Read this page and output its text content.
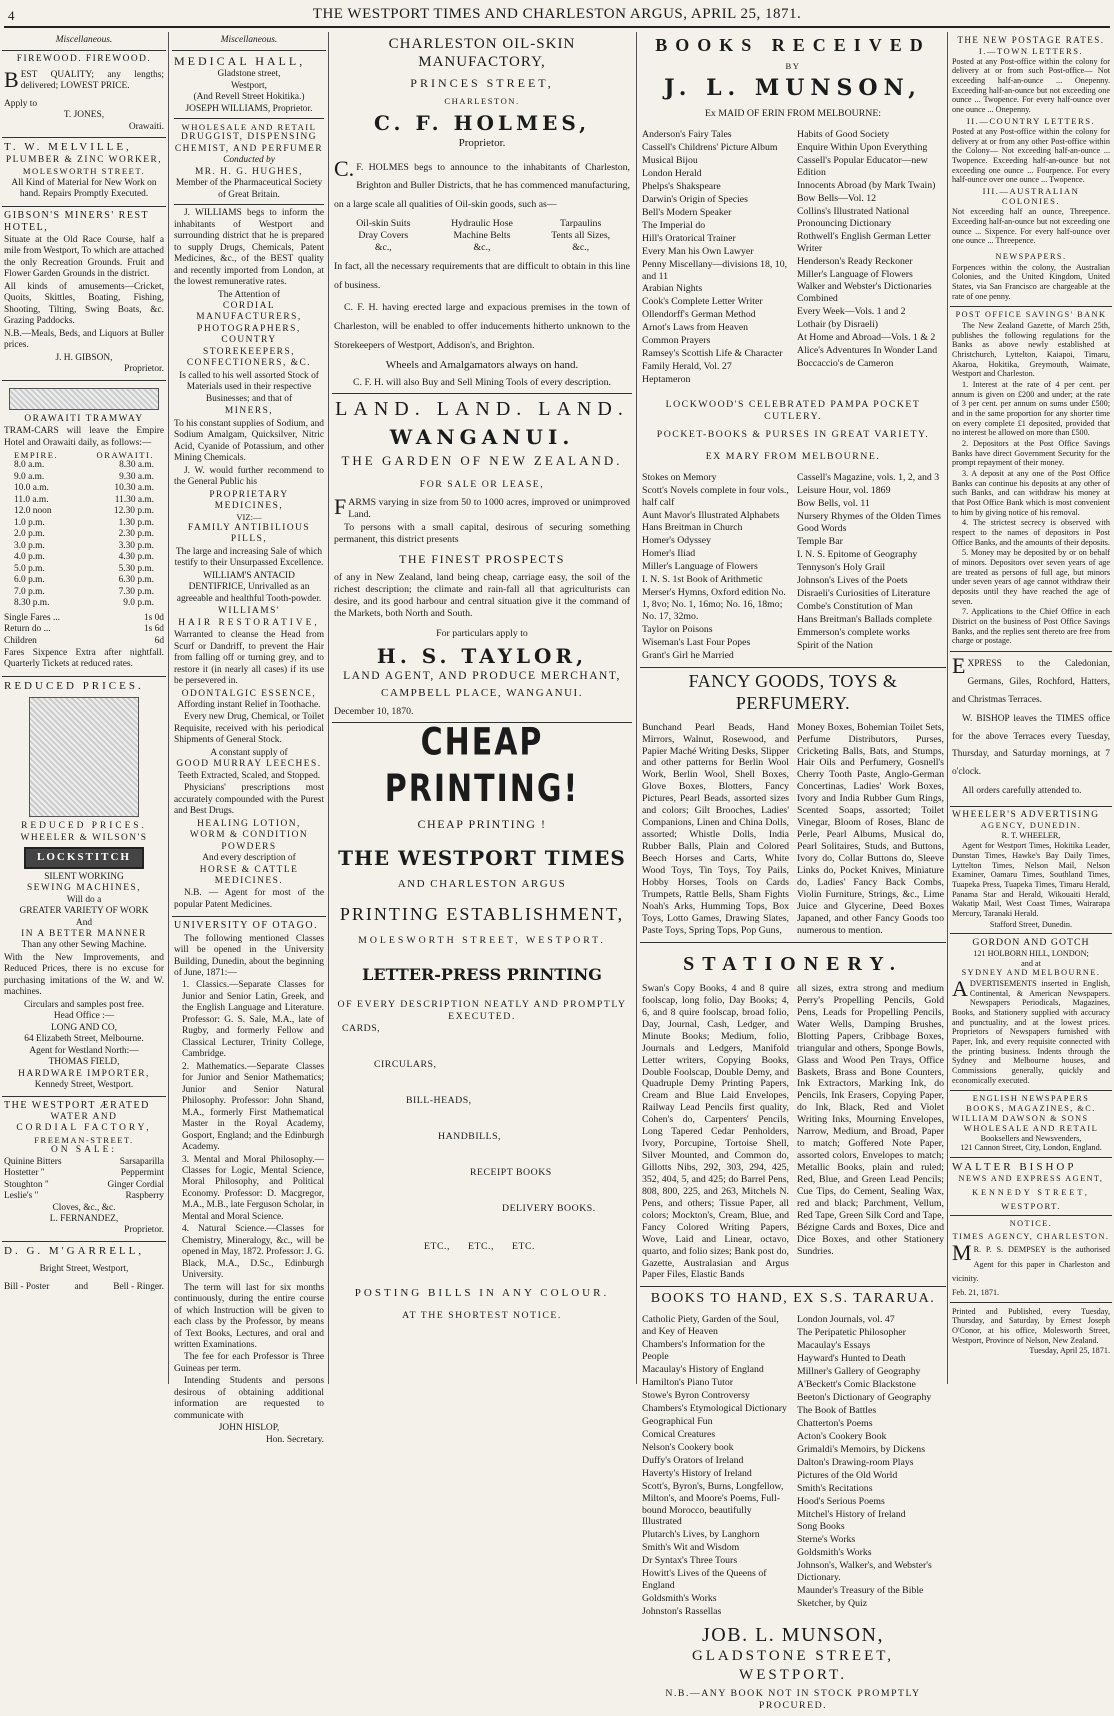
4	THE WESTPORT TIMES AND CHARLESTON ARGUS, APRIL 25, 1871.
Miscellaneous.
FIREWOOD. FIREWOOD.

BEST QUALITY; any lengths; delivered; LOWEST PRICE.

Apply to
T. JONES,
Orawaiti.
T. W. MELVILLE,
PLUMBER & ZINC WORKER,
MOLESWORTH STREET.

All Kind of Material for New Work on hand. Repairs Promptly Executed.

GIBSON'S MINERS' REST HOTEL,

Situate at the Old Race Course, half a mile from Westport, To which are attached the only Recreation Grounds. Fruit and Flower Garden Grounds in the district.

All kinds of amusements—Cricket, Quoits, Skittles, Boating, Fishing, Shooting, Tilting, Swing Boats, &c. Grazing Paddocks.

N.B.—Meals, Beds, and Liquors at Buller prices.

J. H. GIBSON,
Proprietor.
ORAWAITI TRAMWAY

TRAM-CARS will leave the Empire Hotel and Orawaiti daily, as follows:—

EMPIRE.	ORAWAITI.
8.0 a.m.	8.30 a.m.
9.0 a.m.	9.30 a.m.
10.0 a.m.	10.30 a.m.
11.0 a.m.	11.30 a.m.
12.0 noon	12.30 p.m.
1.0 p.m.	1.30 p.m.
2.0 p.m.	2.30 p.m.
3.0 p.m.	3.30 p.m.
4.0 p.m.	4.30 p.m.
5.0 p.m.	5.30 p.m.
6.0 p.m.	6.30 p.m.
7.0 p.m.	7.30 p.m.
8.30 p.m.	9.0 p.m.
Single Fares ...	1s 0d
Return do ...	1s 6d
Children	6d

Fares Sixpence Extra after nightfall. Quarterly Tickets at reduced rates.

REDUCED PRICES.
REDUCED PRICES.
WHEELER & WILSON'S
LOCKSTITCH
SILENT WORKING
SEWING MACHINES,
Will do a
GREATER VARIETY OF WORK
And
IN A BETTER MANNER
Than any other Sewing Machine.

With the New Improvements, and Reduced Prices, there is no excuse for purchasing imitations of the W. and W. machines.

Circulars and samples post free.
Head Office :—
LONG AND CO,
64 Elizabeth Street, Melbourne.
Agent for Westland North:—
THOMAS FIELD,
HARDWARE IMPORTER,
Kennedy Street, Westport.
THE WESTPORT ÆRATED
WATER AND
CORDIAL FACTORY,
FREEMAN-STREET.
ON SALE:
Quinine Bitters	Sarsaparilla
Hostetter "	Peppermint
Stoughton "	Ginger Cordial
Leslie's "	Raspberry
Cloves, &c., &c.
L. FERNANDEZ,
Proprietor.
D. G. M'GARRELL,
Bright Street, Westport,
Bill - Poster	and	Bell - Ringer.
Miscellaneous.
MEDICAL HALL,
Gladstone street,
Westport,
(And Revell Street Hokitika.)
JOSEPH WILLIAMS, Proprietor.
WHOLESALE AND RETAIL
DRUGGIST, DISPENSING CHEMIST, AND PERFUMER
Conducted by
MR. H. G. HUGHES,
Member of the Pharmaceutical Society of Great Britain.

J. WILLIAMS begs to inform the inhabitants of Westport and surrounding district that he is prepared to supply Drugs, Chemicals, Patent Medicines, &c., of the BEST quality and recently imported from London, at the lowest remunerative rates.

The Attention of
CORDIAL MANUFACTURERS, PHOTOGRAPHERS, COUNTRY STOREKEEPERS, CONFECTIONERS, &C.

Is called to his well assorted Stock of Materials used in their respective Businesses; and that of

MINERS,

To his constant supplies of Sodium, and Sodium Amalgam, Quicksilver, Nitric Acid, Cyanide of Potassium, and other Mining Chemicals.

J. W. would further recommend to the General Public his

PROPRIETARY MEDICINES,
VIZ:—
FAMILY ANTIBILIOUS PILLS,

The large and increasing Sale of which testify to their Unsurpassed Excellence.

WILLIAM'S ANTACID DENTIFRICE, Unrivalled as an agreeable and healthful Tooth-powder.

WILLIAMS'
HAIR RESTORATIVE,

Warranted to cleanse the Head from Scurf or Dandriff, to prevent the Hair from falling off or turning grey, and to restore it (in nearly all cases) if its use be persevered in.

ODONTALGIC ESSENCE,
Affording instant Relief in Toothache.

Every new Drug, Chemical, or Toilet Requisite, received with his periodical Shipments of General Stock.

A constant supply of
GOOD MURRAY LEECHES.
Teeth Extracted, Scaled, and Stopped.

Physicians' prescriptions most accurately compounded with the Purest and Best Drugs.

HEALING LOTION,
WORM & CONDITION POWDERS
And every description of
HORSE & CATTLE MEDICINES.

N.B. — Agent for most of the popular Patent Medicines.

UNIVERSITY OF OTAGO.

The following mentioned Classes will be opened in the University Building, Dunedin, about the beginning of June, 1871:—

1. Classics.—Separate Classes for Junior and Senior Latin, Greek, and the English Language and Literature. Professor: G. S. Sale, M.A., late of Rugby, and formerly Fellow and Classical Lecturer, Trinity College, Cambridge.

2. Mathematics.—Separate Classes for Junior and Senior Mathematics; Junior and Senior Natural Philosophy. Professor: John Shand, M.A., formerly First Mathematical Master in the Royal Academy, Gosport, England; and the Edinburgh Academy.

3. Mental and Moral Philosophy.—Classes for Logic, Mental Science, Moral Philosophy, and Political Economy. Professor: D. Macgregor, M.A., M.B., late Ferguson Scholar, in Mental and Moral Science.

4. Natural Science.—Classes for Chemistry, Mineralogy, &c., will be opened in May, 1872. Professor: J. G. Black, M.A., D.Sc., Edinburgh University.

The term will last for six months continuously, during the entire course of which Instruction will be given to each class by the Professor, by means of Text Books, Lectures, and oral and written Examinations.

The fee for each Professor is Three Guineas per term.

Intending Students and persons desirous of obtaining additional information are requested to communicate with

JOHN HISLOP,
Hon. Secretary.
CHARLESTON OIL-SKIN MANUFACTORY,
PRINCES STREET,
CHARLESTON.
C. F. HOLMES,
Proprietor.

C.F. HOLMES begs to announce to the inhabitants of Charleston, Brighton and Buller Districts, that he has commenced manufacturing, on a large scale all qualities of Oil-skin goods, such as—

Oil-skin Suits	Hydraulic Hose	Tarpaulins
Dray Covers	Machine Belts	Tents all Sizes,
&c.,	&c.,	&c.,

In fact, all the necessary requirements that are difficult to obtain in this line of business.

C. F. H. having erected large and expacious premises in the town of Charleston, will be enabled to offer inducements hitherto unknown to the Storekeepers of Westport, Addison's, and Brighton.

Wheels and Amalgamators always on hand.
C. F. H. will also Buy and Sell Mining Tools of every description.
LAND. LAND. LAND.
WANGANUI.
THE GARDEN OF NEW ZEALAND.
FOR SALE OR LEASE,

FARMS varying in size from 50 to 1000 acres, improved or unimproved Land.

To persons with a small capital, desirous of securing something permanent, this district presents

THE FINEST PROSPECTS

of any in New Zealand, land being cheap, carriage easy, the soil of the richest description; the climate and rain-fall all that agriculturists can desire, and its good harbour and central situation give it the command of the Markets, both North and South.

For particulars apply to
H. S. TAYLOR,
LAND AGENT, AND PRODUCE MERCHANT,
CAMPBELL PLACE, WANGANUI.
December 10, 1870.
CHEAP PRINTING!
CHEAP PRINTING !
THE WESTPORT TIMES
AND CHARLESTON ARGUS
PRINTING ESTABLISHMENT,
MOLESWORTH STREET, WESTPORT.
LETTER-PRESS PRINTING
OF EVERY DESCRIPTION NEATLY AND PROMPTLY EXECUTED.
CARDS,
CIRCULARS,
BILL-HEADS,
HANDBILLS,
RECEIPT BOOKS
DELIVERY BOOKS.
ETC., ETC., ETC.
POSTING BILLS IN ANY COLOUR.
AT THE SHORTEST NOTICE.
BOOKS RECEIVED
BY
J. L. MUNSON,
Ex MAID OF ERIN FROM MELBOURNE:
Anderson's Fairy Tales
Cassell's Childrens' Picture Album
Musical Bijou
London Herald
Phelps's Shakspeare
Darwin's Origin of Species
Bell's Modern Speaker
The Imperial do
Hill's Oratorical Trainer
Every Man his Own Lawyer
Penny Miscellany—divisions 18, 10, and 11
Arabian Nights
Cook's Complete Letter Writer
Ollendorff's German Method
Arnot's Laws from Heaven
Common Prayers
Ramsey's Scottish Life & Character
Family Herald, Vol. 27
Heptameron
Habits of Good Society
Enquire Within Upon Everything
Cassell's Popular Educator—new Edition
Innocents Abroad (by Mark Twain)
Bow Bells—Vol. 12
Collins's Illustrated National Pronouncing Dictionary
Rothwell's English German Letter Writer
Henderson's Ready Reckoner
Miller's Language of Flowers
Walker and Webster's Dictionaries Combined
Every Week—Vols. 1 and 2
Lothair (by Disraeli)
At Home and Abroad—Vols. 1 & 2
Alice's Adventures In Wonder Land
Boccaccio's de Cameron
LOCKWOOD'S CELEBRATED PAMPA POCKET CUTLERY.
POCKET-BOOKS & PURSES IN GREAT VARIETY.
EX MARY FROM MELBOURNE.
Stokes on Memory
Scott's Novels complete in four vols., half calf
Aunt Mavor's Illustrated Alphabets
Hans Breitman in Church
Homer's Odyssey
Homer's Iliad
Miller's Language of Flowers
I. N. S. 1st Book of Arithmetic
Merser's Hymns, Oxford edition No. 1, 8vo; No. 1, 16mo; No. 16, 18mo; No. 17, 32mo.
Taylor on Poisons
Wiseman's Last Four Popes
Grant's Girl he Married
Cassell's Magazine, vols. 1, 2, and 3
Leisure Hour, vol. 1869
Bow Bells, vol. 11
Nursery Rhymes of the Olden Times
Good Words
Temple Bar
I. N. S. Epitome of Geography
Tennyson's Holy Grail
Johnson's Lives of the Poets
Disraeli's Curiosities of Literature
Combe's Constitution of Man
Hans Breitman's Ballads complete
Emmerson's complete works
Spirit of the Nation
FANCY GOODS, TOYS & PERFUMERY.

Bunchand Pearl Beads, Hand Mirrors, Walnut, Rosewood, and Papier Maché Writing Desks, Slipper and other patterns for Berlin Wool Work, Berlin Wool, Shell Boxes, Glove Boxes, Blotters, Fancy Pictures, Pearl Beads, assorted sizes and colors; Gilt Brooches, Ladies' Companions, Linen and China Dolls, assorted; Whistle Dolls, India Rubber Balls, Plain and Colored Beech Horses and Carts, White Wood Toys, Tin Toys, Toy Pails, Hobby Horses, Tools on Cards Trumpets, Rattle Bells, Sham Fights Noah's Arks, Humming Tops, Box Toys, Lotto Games, Drawing Slates, Paste Toys, Spring Tops, Pop Guns,

Money Boxes, Bohemian Toilet Sets, Perfume Distributors, Purses, Cricketing Balls, Bats, and Stumps, Hair Oils and Perfumery, Gosnell's Cherry Tooth Paste, Anglo-German Concertinas, Ladies' Work Boxes, Ivory and India Rubber Gum Rings, Scented Soaps, assorted; Toilet Vinegar, Bloom of Roses, Blanc de Perle, Pearl Albums, Musical do, Pearl Solitaires, Studs, and Buttons, Ivory do, Collar Buttons do, Sleeve Links do, Pocket Knives, Miniature do, Ladies' Fancy Back Combs, Violin Furniture, Strings, &c., Lime Juice and Glycerine, Deed Boxes Japaned, and other Fancy Goods too numerous to mention.

STATIONERY.

Swan's Copy Books, 4 and 8 quire foolscap, long folio, Day Books; 4, 6, and 8 quire foolscap, broad folio, Day, Journal, Cash, Ledger, and Minute Books; Medium, folio, Journals and Ledgers, Manifold Letter writers, Copying Books, Double Foolscap, Double Demy, and Quadruple Demy Printing Papers, Cream and Blue Laid Envelopes, Railway Lead Pencils first quality, Cohen's do, Carpenters' Pencils, Long Tapered Cedar Penholders, Ivory, Porcupine, Tortoise Shell, Silver Mounted, and Common do, Gillotts Nibs, 292, 303, 294, 425, 352, 404, 5, and 425; do Barrel Pens, 808, 800, 225, and 263, Mitchels N. Pens, and others; Tissue Paper, all colors; Mockton's, Cream, Blue, and Fancy Colored Writing Papers, Wove, Laid and Linear, octavo, quarto, and folio sizes; Bank post do, Gazette, Australasian and Argus Paper Files, Elastic Bands

all sizes, extra strong and medium Perry's Propelling Pencils, Gold Pens, Leads for Propelling Pencils, Water Wells, Damping Brushes, Blotting Papers, Cribbage Boxes, triangular and others, Sponge Bowls, Glass and Wood Pen Trays, Office Baskets, Brass and Bone Counters, Ink Extractors, Marking Ink, do Pencils, Ink Erasers, Copying Paper, do Ink, Black, Red and Violet Writing Inks, Mourning Envelopes, Narrow, Medium, and Broad, Paper to match; Goffered Note Paper, assorted colors, Envelopes to match; Metallic Books, plain and ruled; Red, Blue, and Green Lead Pencils; Cue Tips, do Cement, Sealing Wax, red and black; Parchment, Vellum, Red Tape, Green Silk Cord and Tape, Bézigne Cards and Boxes, Dice and Dice Boxes, and other Stationery Sundries.

BOOKS TO HAND, EX S.S. TARARUA.
Catholic Piety, Garden of the Soul, and Key of Heaven
Chambers's Information for the People
Macaulay's History of England
Hamilton's Piano Tutor
Stowe's Byron Controversy
Chambers's Etymological Dictionary
Geographical Fun
Comical Creatures
Nelson's Cookery book
Duffy's Orators of Ireland
Haverty's History of Ireland
Scott's, Byron's, Burns, Longfellow, Milton's, and Moore's Poems, Full-bound Morocco, beautifully Illustrated
Plutarch's Lives, by Langhorn
Smith's Wit and Wisdom
Dr Syntax's Three Tours
Howitt's Lives of the Queens of England
Goldsmith's Works
Johnston's Rassellas
London Journals, vol. 47
The Peripatetic Philosopher
Macaulay's Essays
Hayward's Hunted to Death
Millner's Gallery of Geography
A'Beckett's Comic Blackstone
Beeton's Dictionary of Geography
The Book of Battles
Chatterton's Poems
Acton's Cookery Book
Grimaldi's Memoirs, by Dickens
Dalton's Drawing-room Plays
Pictures of the Old World
Smith's Recitations
Hood's Serious Poems
Mitchel's History of Ireland
Song Books
Sterne's Works
Goldsmith's Works
Johnson's, Walker's, and Webster's Dictionary.
Maunder's Treasury of the Bible
Sketcher, by Quiz
JOB. L. MUNSON,
GLADSTONE STREET, WESTPORT.
N.B.—ANY BOOK NOT IN STOCK PROMPTLY PROCURED.
THE NEW POSTAGE RATES.
I.—TOWN LETTERS.

Posted at any Post-office within the colony for delivery at or from such Post-office— Not exceeding half-an-ounce ... Onepenny. Exceeding half-an-ounce but not exceeding one ounce ... Twopence. For every half-ounce over one ounce ... Onepenny.

II.—COUNTRY LETTERS.

Posted at any Post-office within the colony for delivery at or from any other Post-office within the Colony— Not exceeding half-an-ounce ... Twopence. Exceeding half-an-ounce but not exceeding one ounce ... Fourpence. For every half-ounce over one ounce ... Twopence.

III.—AUSTRALIAN COLONIES.

Not exceeding half an ounce, Threepence. Exceeding half-an-ounce but not exceeding one ounce ... Sixpence. For every half-ounce over one ounce ... Threepence.

NEWSPAPERS.

Forpences within the colony, the Australian Colonies, and the United Kingdom, United States, via San Francisco are chargeable at the rate of one penny.

POST OFFICE SAVINGS' BANK

The New Zealand Gazette, of March 25th, publishes the following regulations for the Banks as above newly established at Christchurch, Lyttelton, Kaiapoi, Timaru, Akaroa, Hokitika, Greymouth, Waimate, Westport and Charleston.

1. Interest at the rate of 4 per cent. per annum is given on £200 and under; at the rate of 3 per cent. per annum on sums under £500; and in the same proportion for any shorter time on every complete £1 deposited, provided that no interest be allowed on more than £500.

2. Depositors at the Post Office Savings Banks have direct Government Security for the prompt repayment of their money.

3. A deposit at any one of the Post Office Banks can continue his deposits at any other of such Banks, and can withdraw his money at that Post Office Bank which is most convenient to him by giving notice of his removal.

4. The strictest secrecy is observed with respect to the names of depositors in Post Office Banks, and the amounts of their deposits.

5. Money may be deposited by or on behalf of minors. Depositors over seven years of age are treated as persons of full age, but minors under seven years of age cannot withdraw their deposits until they have reached the age of seven.

7. Applications to the Chief Office in each District on the business of Post Office Savings Banks, and the replies sent thereto are free from charge or postage.

EXPRESS to the Caledonian, Germans, Giles, Rochford, Hatters, and Christmas Terraces.

W. BISHOP leaves the TIMES office for the above Terraces every Tuesday, Thursday, and Saturday mornings, at 7 o'clock.

All orders carefully attended to.

WHEELER'S ADVERTISING
AGENCY, DUNEDIN.
R. T. WHEELER,

Agent for Westport Times, Hokitika Leader, Dunstan Times, Hawke's Bay Daily Times, Lyttelton Times, Nelson Mail, Nelson Examiner, Oamaru Times, Southland Times, Tuapeka Press, Tuapeka Times, Timaru Herald, Panama Star and Herald, Wikouaiti Herald, Wakatip Mail, West Coast Times, Wairarapa Mercury, Taranaki Herald.

Stafford Street, Dunedin.
GORDON AND GOTCH
121 HOLBORN HILL, LONDON;
and at
SYDNEY AND MELBOURNE.

ADVERTISEMENTS inserted in English, Continental, & American Newspapers. Newspapers Periodicals, Magazines, Books, and Stationery supplied with accuracy and punctuality, and at the lowest prices. Proprietors of Newspapers furnished with Paper, Ink, and every requisite connected with the printing business. Indents through the Sydney and Melbourne houses, and Commissions generally, quickly and economically executed.

ENGLISH NEWSPAPERS BOOKS, MAGAZINES, &C.
WILLIAM DAWSON & SONS
WHOLESALE AND RETAIL
Booksellers and Newsvenders,
121 Cannon Street, City, London, England.
WALTER BISHOP
NEWS AND EXPRESS AGENT,
KENNEDY STREET,
WESTPORT.
NOTICE.
TIMES AGENCY, CHARLESTON.

MR. P. S. DEMPSEY is the authorised Agent for this paper in Charleston and vicinity.

Feb. 21, 1871.

Printed and Published, every Tuesday, Thursday, and Saturday, by Ernest Joseph O'Conor, at his office, Molesworth Street, Westport, Province of Nelson, New Zealand.

Tuesday, April 25, 1871.
